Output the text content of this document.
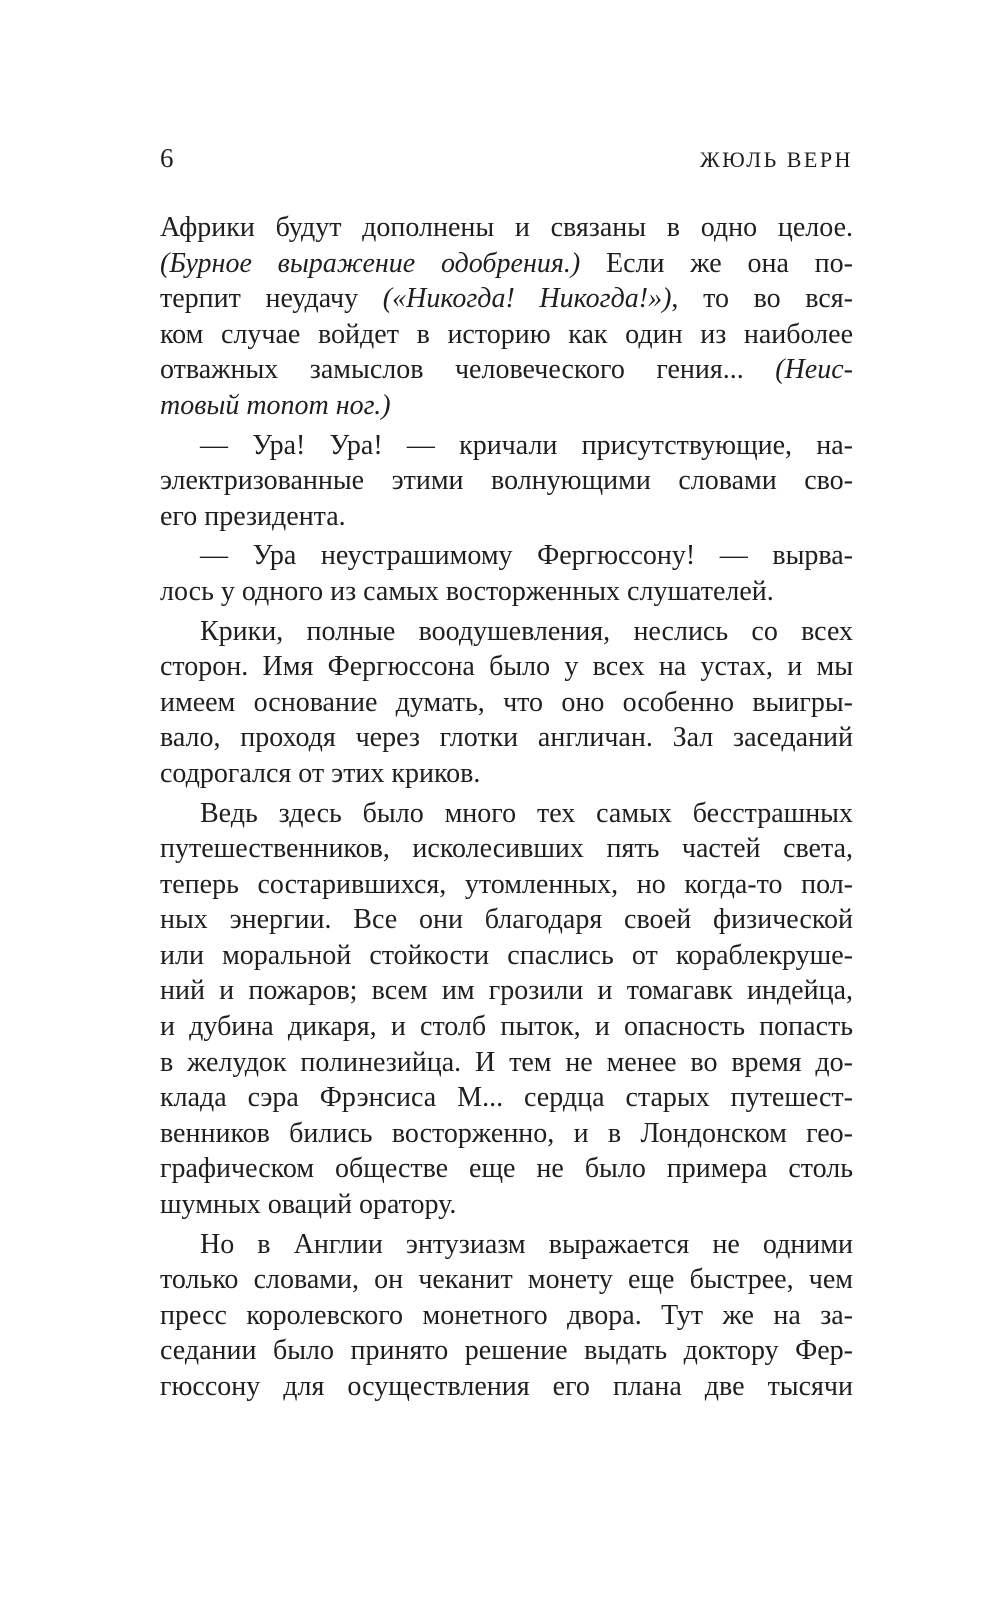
6	ЖЮЛЬ ВЕРН
Африки будут дополнены и связаны в одно целое.
(Бурное выражение одобрения.) Если же она по-
терпит неудачу («Никогда! Никогда!»), то во вся-
ком случае войдет в историю как один из наиболее
отважных замыслов человеческого гения... (Неис-
товый топот ног.)
— Ура! Ура! — кричали присутствующие, на-
электризованные этими волнующими словами сво-
его президента.
— Ура неустрашимому Фергюссону! — вырва-
лось у одного из самых восторженных слушателей.
Крики, полные воодушевления, неслись со всех
сторон. Имя Фергюссона было у всех на устах, и мы
имеем основание думать, что оно особенно выигры-
вало, проходя через глотки англичан. Зал заседаний
содрогался от этих криков.
Ведь здесь было много тех самых бесстрашных
путешественников, исколесивших пять частей света,
теперь состарившихся, утомленных, но когда-то пол-
ных энергии. Все они благодаря своей физической
или моральной стойкости спаслись от кораблекруше-
ний и пожаров; всем им грозили и томагавк индейца,
и дубина дикаря, и столб пыток, и опасность попасть
в желудок полинезийца. И тем не менее во время до-
клада сэра Фрэнсиса М... сердца старых путешест-
венников бились восторженно, и в Лондонском гео-
графическом обществе еще не было примера столь
шумных оваций оратору.
Но в Англии энтузиазм выражается не одними
только словами, он чеканит монету еще быстрее, чем
пресс королевского монетного двора. Тут же на за-
седании было принято решение выдать доктору Фер-
гюссону для осуществления его плана две тысячи
